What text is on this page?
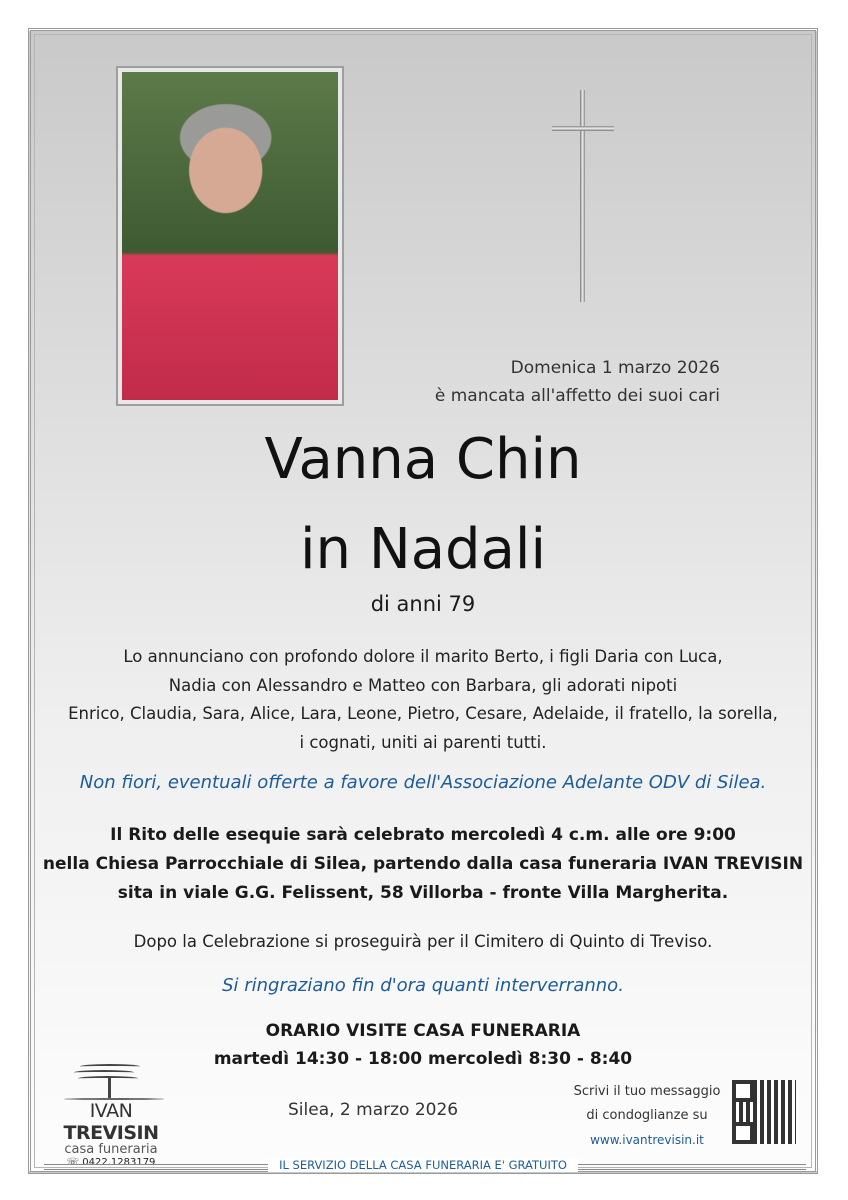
Domenica 1 marzo 2026
è mancata all'affetto dei suoi cari
Vanna Chin
in Nadali
di anni 79
Lo annunciano con profondo dolore il marito Berto, i figli Daria con Luca,
Nadia con Alessandro e Matteo con Barbara, gli adorati nipoti
Enrico, Claudia, Sara, Alice, Lara, Leone, Pietro, Cesare, Adelaide, il fratello, la sorella,
i cognati, uniti ai parenti tutti.
Non fiori, eventuali offerte a favore dell'Associazione Adelante ODV di Silea.
Il Rito delle esequie sarà celebrato mercoledì 4 c.m. alle ore 9:00
nella Chiesa Parrocchiale di Silea, partendo dalla casa funeraria IVAN TREVISIN
sita in viale G.G. Felissent, 58 Villorba - fronte Villa Margherita.
Dopo la Celebrazione si proseguirà per il Cimitero di Quinto di Treviso.
Si ringraziano fin d'ora quanti interverranno.
ORARIO VISITE CASA FUNERARIA
martedì 14:30 - 18:00 mercoledì 8:30 - 8:40
IVAN TREVISIN
casa funeraria
☏ 0422.1283179
Silea, 2 marzo 2026
Scrivi il tuo messaggio
di condoglianze su
www.ivantrevisin.it
IL SERVIZIO DELLA CASA FUNERARIA E' GRATUITO
